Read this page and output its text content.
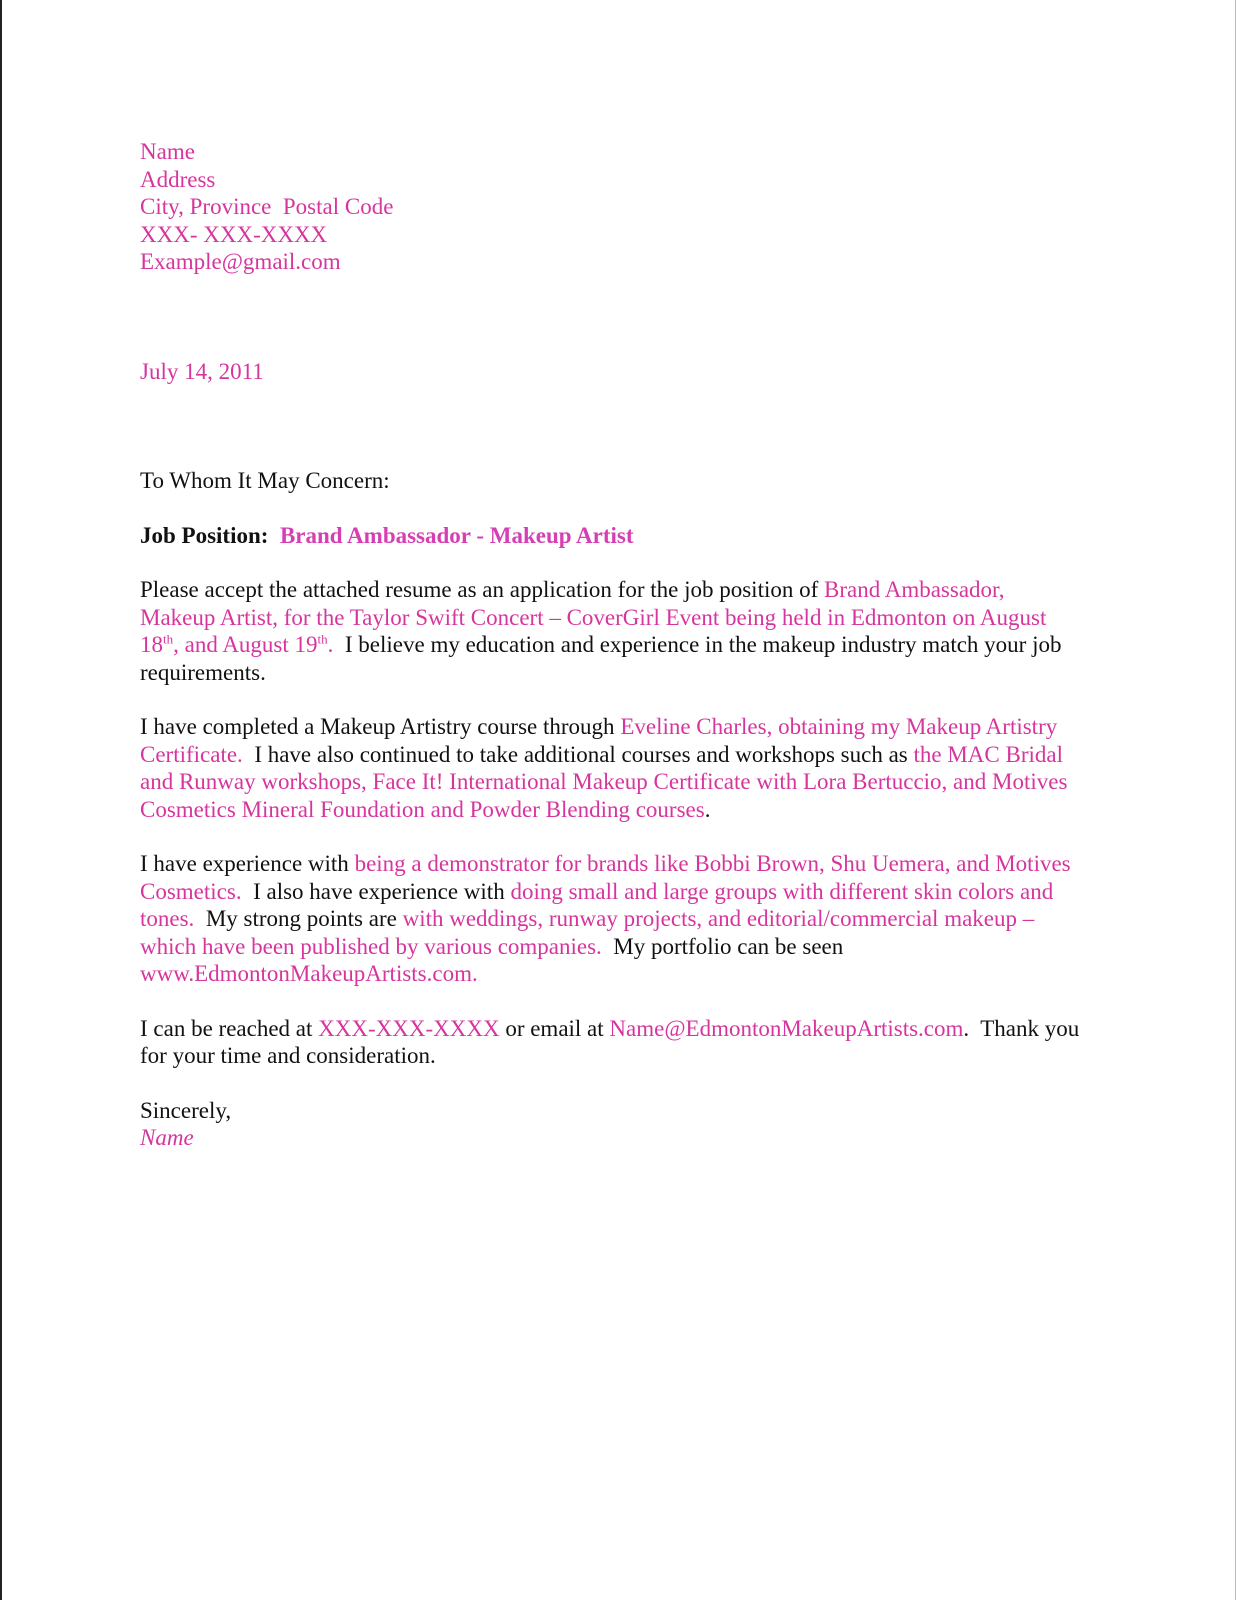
Name
Address
City, Province  Postal Code
XXX- XXX-XXXX
Example@gmail.com
July 14, 2011
To Whom It May Concern:
Job Position: Brand Ambassador - Makeup Artist

Please accept the attached resume as an application for the job position of Brand Ambassador, Makeup Artist, for the Taylor Swift Concert – CoverGirl Event being held in Edmonton on August 18th, and August 19th.  I believe my education and experience in the makeup industry match your job requirements.

I have completed a Makeup Artistry course through Eveline Charles, obtaining my Makeup Artistry Certificate.  I have also continued to take additional courses and workshops such as the MAC Bridal and Runway workshops, Face It! International Makeup Certificate with Lora Bertuccio, and Motives Cosmetics Mineral Foundation and Powder Blending courses.

I have experience with being a demonstrator for brands like Bobbi Brown, Shu Uemera, and Motives Cosmetics.  I also have experience with doing small and large groups with different skin colors and tones.  My strong points are with weddings, runway projects, and editorial/commercial makeup – which have been published by various companies.  My portfolio can be seen www.EdmontonMakeupArtists.com.

I can be reached at XXX-XXX-XXXX or email at Name@EdmontonMakeupArtists.com.  Thank you for your time and consideration.

Sincerely,
Name
